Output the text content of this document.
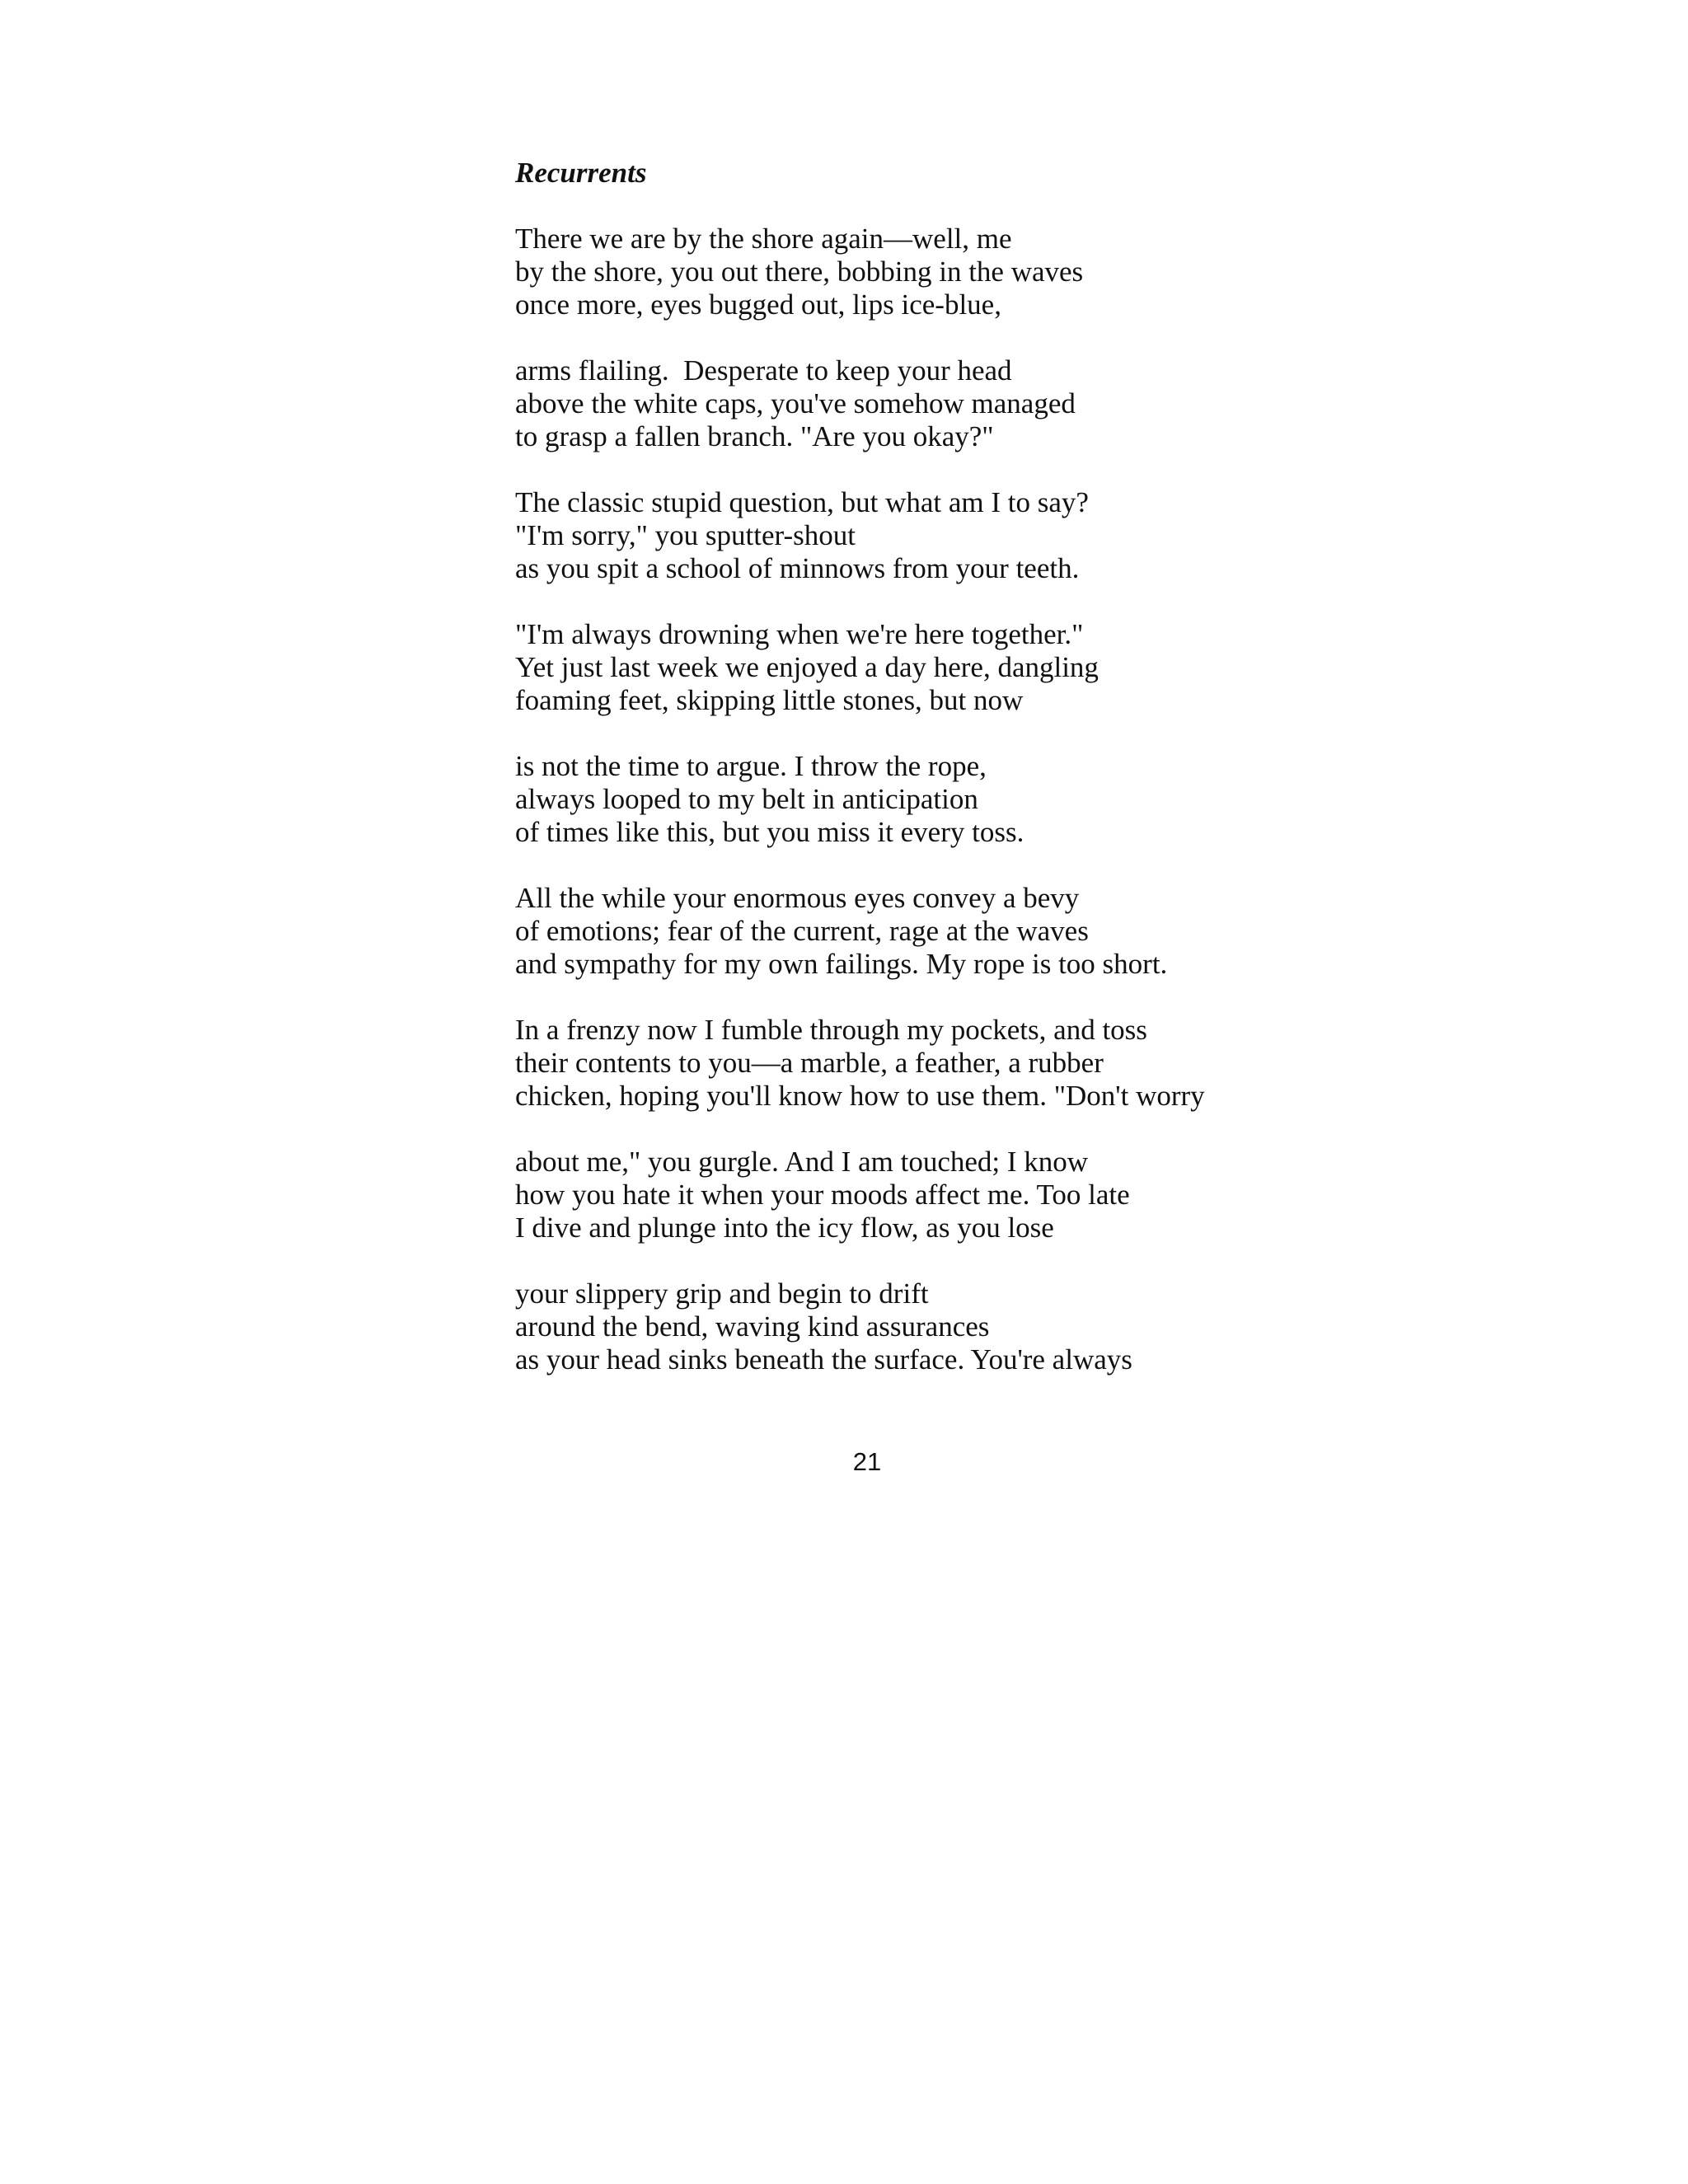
Recurrents
There we are by the shore again—well, me
by the shore, you out there, bobbing in the waves
once more, eyes bugged out, lips ice-blue,
arms flailing.  Desperate to keep your head
above the white caps, you've somehow managed
to grasp a fallen branch. "Are you okay?"
The classic stupid question, but what am I to say?
"I'm sorry," you sputter-shout
as you spit a school of minnows from your teeth.
"I'm always drowning when we're here together."
Yet just last week we enjoyed a day here, dangling
foaming feet, skipping little stones, but now
is not the time to argue. I throw the rope,
always looped to my belt in anticipation
of times like this, but you miss it every toss.
All the while your enormous eyes convey a bevy
of emotions; fear of the current, rage at the waves
and sympathy for my own failings. My rope is too short.
In a frenzy now I fumble through my pockets, and toss
their contents to you—a marble, a feather, a rubber
chicken, hoping you'll know how to use them. "Don't worry
about me," you gurgle. And I am touched; I know
how you hate it when your moods affect me. Too late
I dive and plunge into the icy flow, as you lose
your slippery grip and begin to drift
around the bend, waving kind assurances
as your head sinks beneath the surface. You're always
21
